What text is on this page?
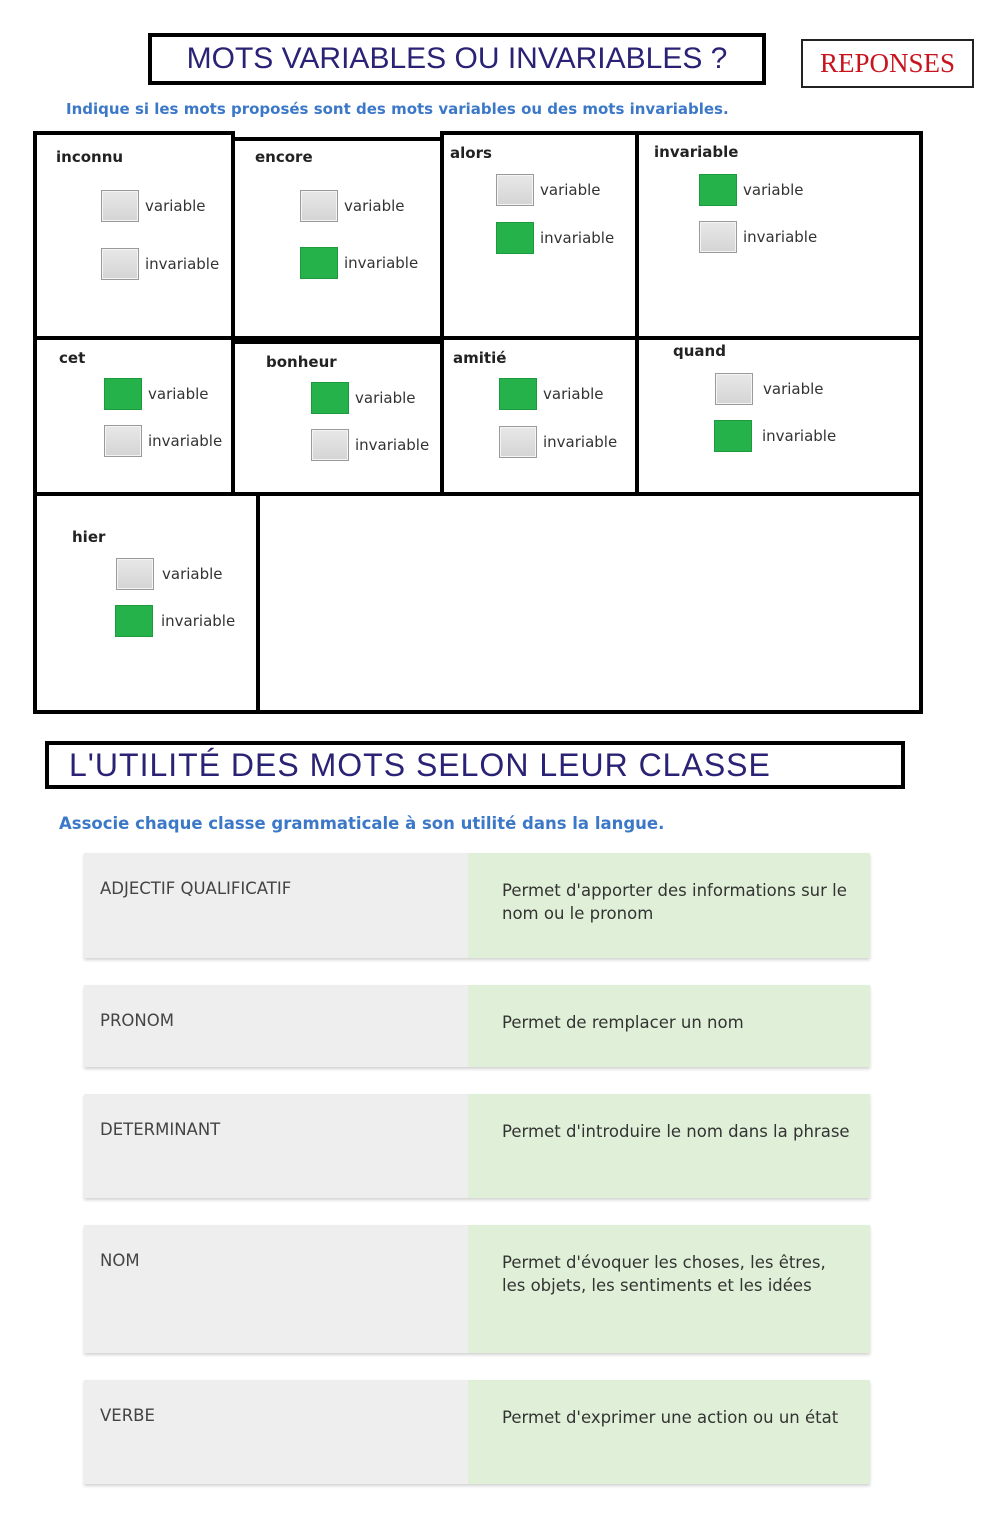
MOTS VARIABLES OU INVARIABLES ?	REPONSES
Indique si les mots proposés sont des mots variables ou des mots invariables.
inconnu	encore	alors	invariable
cet	bonheur	amitié	quand
hier
variable
invariable
variable
invariable
variable
invariable
variable
invariable
variable
invariable
variable
invariable
variable
invariable
variable
invariable
variable
invariable
L'UTILITÉ DES MOTS SELON LEUR CLASSE
Associe chaque classe grammaticale à son utilité dans la langue.
ADJECTIF QUALIFICATIF	Permet d'apporter des informations sur le nom ou le pronom
PRONOM	Permet de remplacer un nom
DETERMINANT	Permet d'introduire le nom dans la phrase
NOM	Permet d'évoquer les choses, les êtres, les objets, les sentiments et les idées
VERBE	Permet d'exprimer une action ou un état
